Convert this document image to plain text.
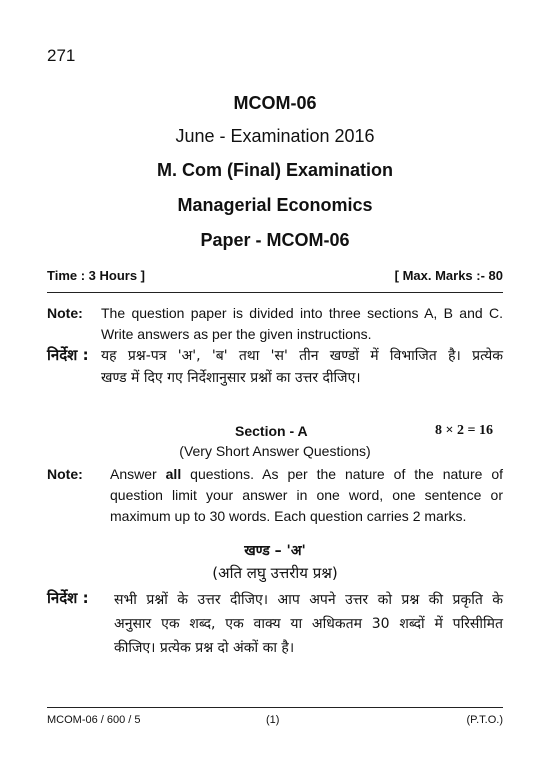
271
MCOM-06
June - Examination 2016
M. Com (Final) Examination
Managerial Economics
Paper - MCOM-06
Time : 3 Hours ]	[ Max. Marks :- 80
Note: The question paper is divided into three sections A, B and C.
Write answers as per the given instructions.
निर्देश : यह प्रश्न-पत्र 'अ', 'ब' तथा 'स' तीन खण्डों में विभाजित है। प्रत्येक
खण्ड में दिए गए निर्देशानुसार प्रश्नों का उत्तर दीजिए।
Section - A	8 × 2 = 16
(Very Short Answer Questions)
Note: Answer all questions. As per the nature of the nature of
question limit your answer in one word, one sentence or
maximum up to 30 words. Each question carries 2 marks.
खण्ड – 'अ'
(अति लघु उत्तरीय प्रश्न)
निर्देश : सभी प्रश्नों के उत्तर दीजिए। आप अपने उत्तर को प्रश्न की प्रकृति के
अनुसार एक शब्द, एक वाक्य या अधिकतम 30 शब्दों में परिसीमित
कीजिए। प्रत्येक प्रश्न दो अंकों का है।
MCOM-06 / 600 / 5	(1)	(P.T.O.)
